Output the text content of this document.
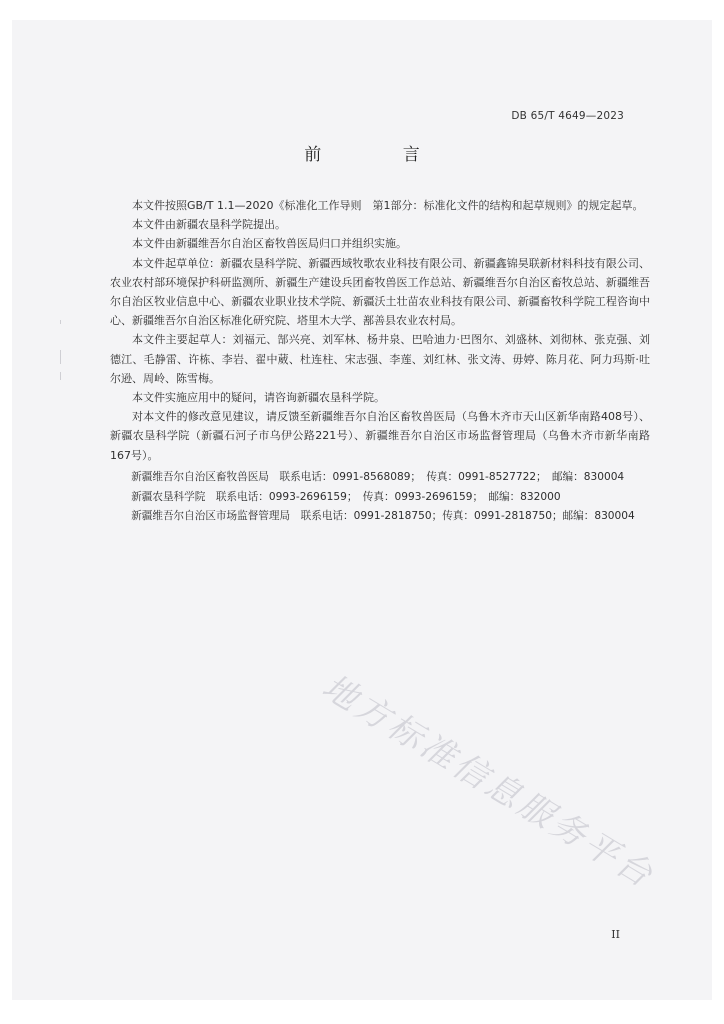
DB 65/T 4649—2023
前 言

本文件按照GB/T 1.1—2020《标准化工作导则　第1部分：标准化文件的结构和起草规则》的规定起草。

本文件由新疆农垦科学院提出。

本文件由新疆维吾尔自治区畜牧兽医局归口并组织实施。

本文件起草单位：新疆农垦科学院、新疆西域牧歌农业科技有限公司、新疆鑫锦昊联新材料科技有限公司、农业农村部环境保护科研监测所、新疆生产建设兵团畜牧兽医工作总站、新疆维吾尔自治区畜牧总站、新疆维吾尔自治区牧业信息中心、新疆农业职业技术学院、新疆沃土壮苗农业科技有限公司、新疆畜牧科学院工程咨询中心、新疆维吾尔自治区标准化研究院、塔里木大学、鄯善县农业农村局。

本文件主要起草人：刘福元、郜兴亮、刘军林、杨井泉、巴哈迪力·巴图尔、刘盛林、刘彻林、张克强、刘德江、毛静雷、许栋、李岩、翟中葳、杜连柱、宋志强、李莲、刘红林、张文涛、毋婷、陈月花、阿力玛斯·吐尔逊、周岭、陈雪梅。

本文件实施应用中的疑问，请咨询新疆农垦科学院。

对本文件的修改意见建议，请反馈至新疆维吾尔自治区畜牧兽医局（乌鲁木齐市天山区新华南路408号）、新疆农垦科学院（新疆石河子市乌伊公路221号）、新疆维吾尔自治区市场监督管理局（乌鲁木齐市新华南路167号）。

新疆维吾尔自治区畜牧兽医局　联系电话：0991-8568089；　传真：0991-8527722；　邮编：830004

新疆农垦科学院　联系电话：0993-2696159；　传真：0993-2696159；　邮编：832000

新疆维吾尔自治区市场监督管理局　联系电话：0991-2818750；传真：0991-2818750；邮编：830004

地方标准信息服务平台
II
